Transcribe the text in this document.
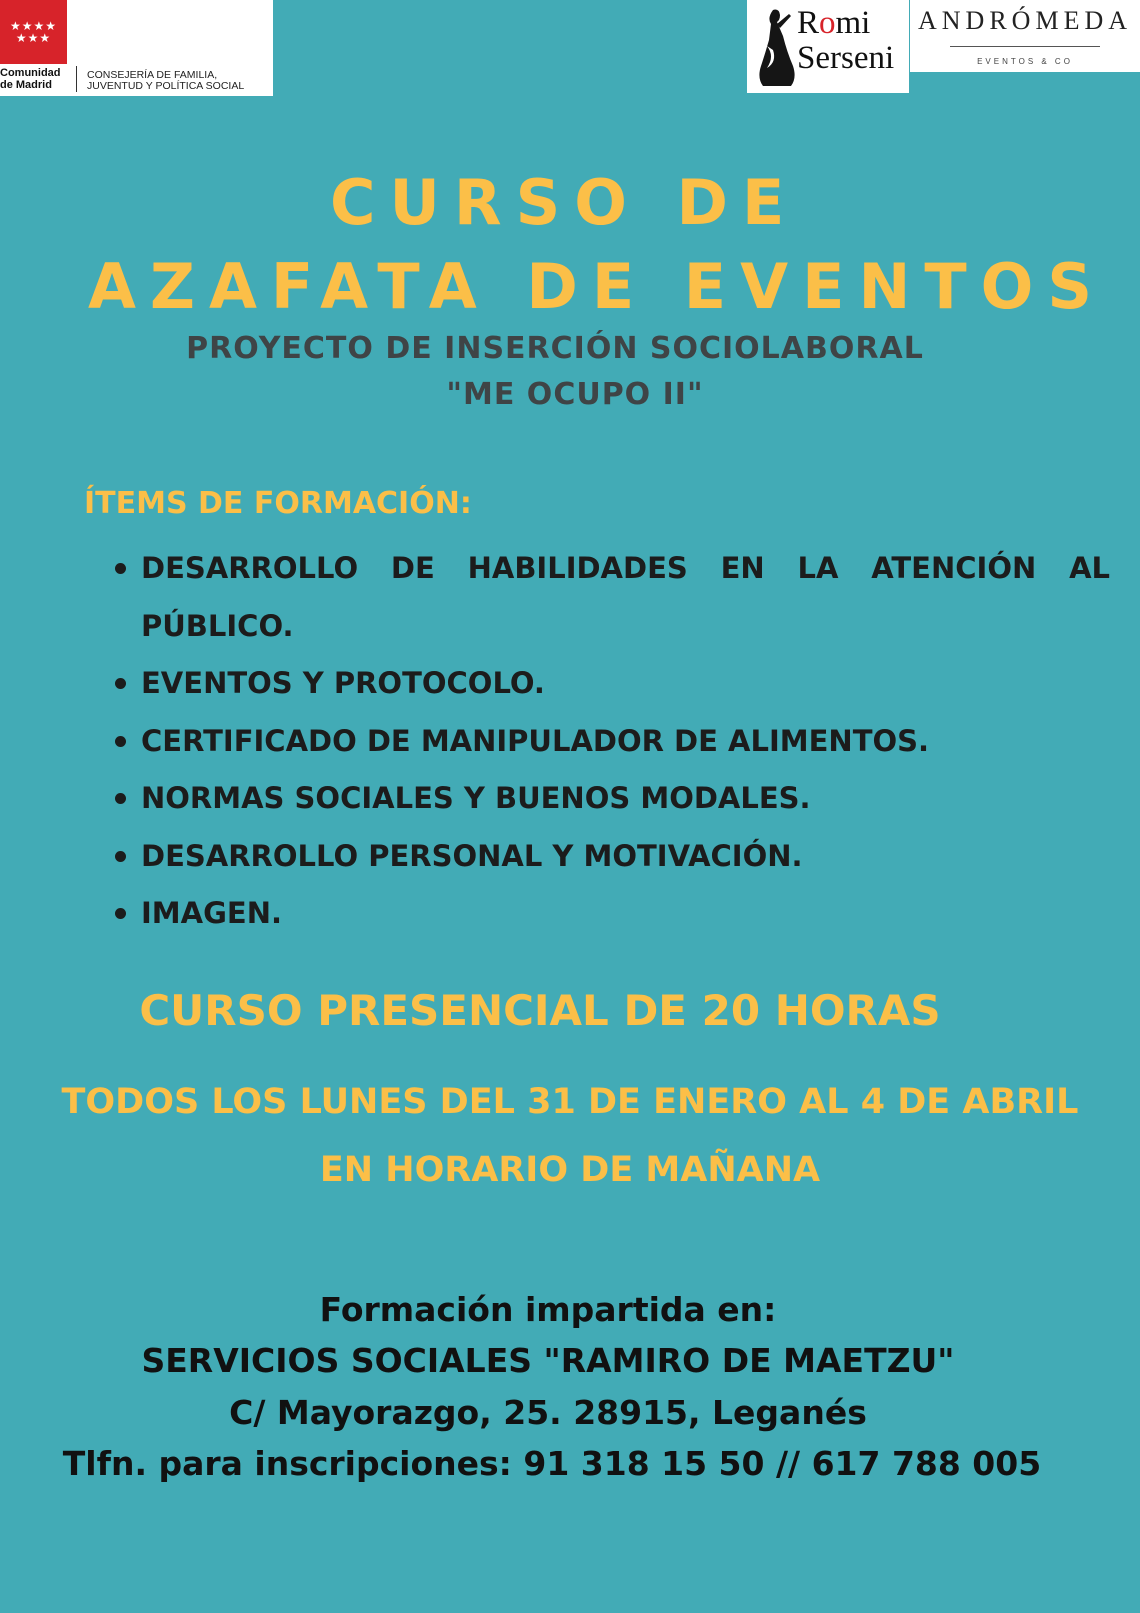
★★★★
★★★
Comunidad
de Madrid
CONSEJERÍA DE FAMILIA,
JUVENTUD Y POLÍTICA SOCIAL
Romi
Serseni
ANDRÓMEDA
EVENTOS & CO
CURSO DE
AZAFATA DE EVENTOS
PROYECTO DE INSERCIÓN SOCIOLABORAL
"ME OCUPO II"
ÍTEMS DE FORMACIÓN:
DESARROLLO DE HABILIDADES EN LA ATENCIÓN AL PÚBLICO.
EVENTOS Y PROTOCOLO.
CERTIFICADO DE MANIPULADOR DE ALIMENTOS.
NORMAS SOCIALES Y BUENOS MODALES.
DESARROLLO PERSONAL Y MOTIVACIÓN.
IMAGEN.
CURSO PRESENCIAL DE 20 HORAS
TODOS LOS LUNES DEL 31 DE ENERO AL 4 DE ABRIL
EN HORARIO DE MAÑANA
Formación impartida en:
SERVICIOS SOCIALES "RAMIRO DE MAETZU"
C/ Mayorazgo, 25. 28915, Leganés
Tlfn. para inscripciones: 91 318 15 50 // 617 788 005
